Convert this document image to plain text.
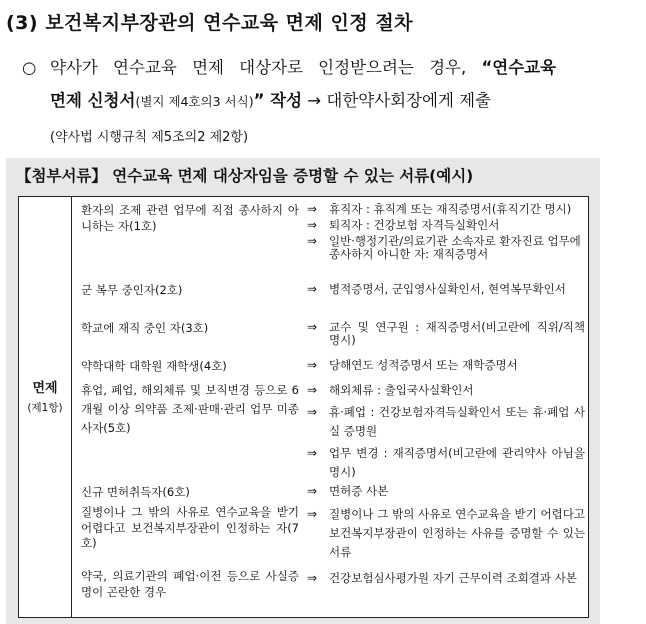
(3) 보건복지부장관의 연수교육 면제 인정 절차
○ 약사가 연수교육 면제 대상자로 인정받으려는 경우, “연수교육
면제 신청서(별지 제4호의3 서식)” 작성 → 대한약사회장에게 제출
(약사법 시행규칙 제5조의2 제2항)
【첨부서류】 연수교육 면제 대상자임을 증명할 수 있는 서류(예시)
면제
(제1항)
환자의 조제 관련 업무에 직접 종사하지 아니하는 자(1호)
⇒ 휴직자 : 휴직계 또는 재직증명서(휴직기간 명시)
⇒ 퇴직자 : 건강보험 자격득실확인서
⇒ 일반·행정기관/의료기관 소속자로 환자진료 업무에 종사하지 아니한 자: 재직증명서
군 복무 중인자(2호)	⇒ 병적증명서, 군입영사실확인서, 현역복무확인서
학교에 재직 중인 자(3호)	⇒ 교수 및 연구원 : 재직증명서(비고란에 직위/직책 명시)
약학대학 대학원 재학생(4호)	⇒ 당해연도 성적증명서 또는 재학증명서
휴업, 폐업, 해외체류 및 보직변경 등으로 6개월 이상 의약품 조제·판매·관리 업무 미종사자(5호)
⇒ 해외체류 : 출입국사실확인서
⇒ 휴·폐업 : 건강보험자격득실확인서 또는 휴·폐업 사실 증명원
⇒ 업무 변경 : 재직증명서(비고란에 관리약사 아님을 명시)
신규 면허취득자(6호)	⇒ 면허증 사본
질병이나 그 밖의 사유로 연수교육을 받기 어렵다고 보건복지부장관이 인정하는 자(7호)
⇒ 질병이나 그 밖의 사유로 연수교육을 받기 어렵다고 보건복지부장관이 인정하는 사유를 증명할 수 있는 서류
약국, 의료기관의 폐업·이전 등으로 사실증명이 곤란한 경우
⇒ 건강보험심사평가원 자기 근무이력 조회결과 사본
